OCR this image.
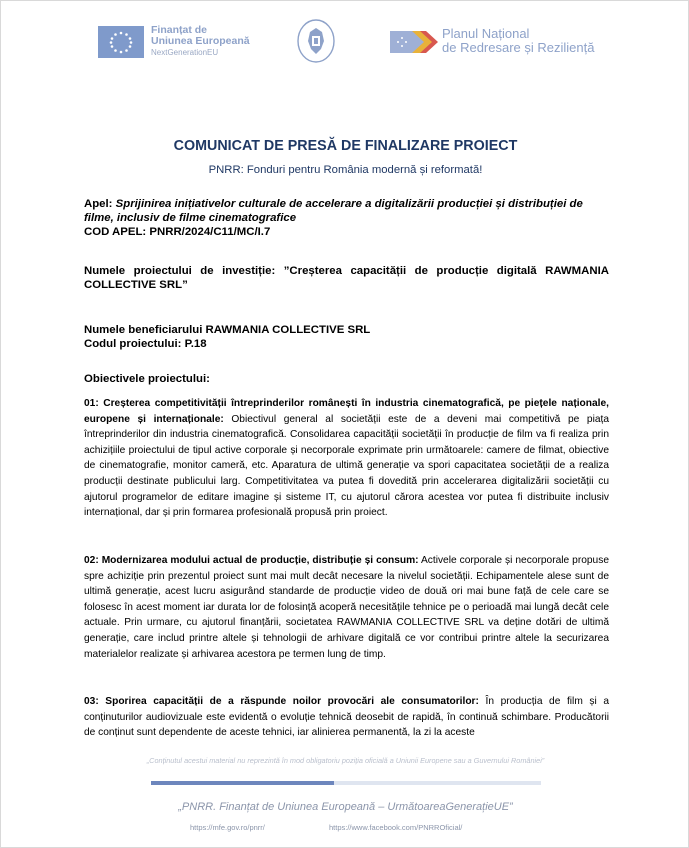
Finanțat de
Uniunea Europeană
NextGenerationEU
Planul Național
de Redresare și Reziliență
COMUNICAT DE PRESĂ DE FINALIZARE PROIECT
PNRR: Fonduri pentru România modernă și reformată!
Apel: Sprijinirea inițiativelor culturale de accelerare a digitalizării producției și distribuției de filme, inclusiv de filme cinematografice
COD APEL: PNRR/2024/C11/MC/I.7
Numele proiectului de investiție: ”Creșterea capacității de producție digitală RAWMANIA COLLECTIVE SRL”
Numele beneficiarului RAWMANIA COLLECTIVE SRL
Codul proiectului: P.18
Obiectivele proiectului:
01: Creșterea competitivității întreprinderilor românești în industria cinematografică, pe piețele naționale, europene și internaționale: Obiectivul general al societății este de a deveni mai competitivă pe piața întreprinderilor din industria cinematografică. Consolidarea capacității societății în producție de film va fi realiza prin achizițiile proiectului de tipul active corporale și necorporale exprimate prin următoarele: camere de filmat, obiective de cinematografie, monitor cameră, etc. Aparatura de ultimă generație va spori capacitatea societății de a realiza producții destinate publicului larg. Competitivitatea va putea fi dovedită prin accelerarea digitalizării societății cu ajutorul programelor de editare imagine și sisteme IT, cu ajutorul cărora acestea vor putea fi distribuite inclusiv internațional, dar și prin formarea profesională propusă prin proiect.
02: Modernizarea modului actual de producție, distribuție și consum: Activele corporale și necorporale propuse spre achiziție prin prezentul proiect sunt mai mult decât necesare la nivelul societății. Echipamentele alese sunt de ultimă generație, acest lucru asigurând standarde de producție video de două ori mai bune față de cele care se folosesc în acest moment iar durata lor de folosință acoperă necesitățile tehnice pe o perioadă mai lungă decât cele actuale. Prin urmare, cu ajutorul finanțării, societatea RAWMANIA COLLECTIVE SRL va deține dotări de ultimă generație, care includ printre altele și tehnologii de arhivare digitală ce vor contribui printre altele la securizarea materialelor realizate și arhivarea acestora pe termen lung de timp.
03: Sporirea capacității de a răspunde noilor provocări ale consumatorilor: În producția de film și a conținuturilor audiovizuale este evidentă o evoluție tehnică deosebit de rapidă, în continuă schimbare. Producătorii de conținut sunt dependente de aceste tehnici, iar alinierea permanentă, la zi la aceste
„Conținutul acestui material nu reprezintă în mod obligatoriu poziția oficială a Uniunii Europene sau a Guvernului României”
„PNRR. Finanțat de Uniunea Europeană – UrmătoareaGenerațieUE”
https://mfe.gov.ro/pnrr/	https://www.facebook.com/PNRROficial/
